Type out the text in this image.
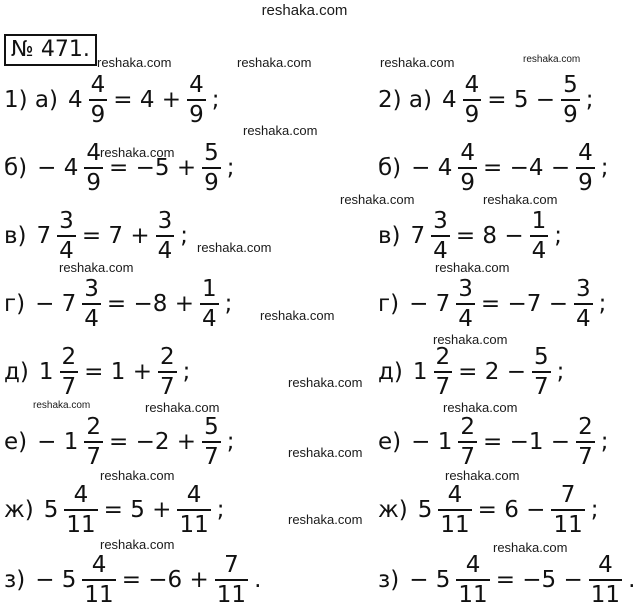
reshaka.com
№ 471.
reshaka.com	reshaka.com	reshaka.com	reshaka.com
reshaka.com
reshaka.com
reshaka.com	reshaka.com
reshaka.com
reshaka.com	reshaka.com
reshaka.com
reshaka.com
reshaka.com
reshaka.com	reshaka.com	reshaka.com
reshaka.com
reshaka.com	reshaka.com
reshaka.com
reshaka.com	reshaka.com
1) а) $4 \frac{4}{9} = 4 + \frac{4}{9}$ ;
$б) - 4 \frac{4}{9} = -5 + \frac{5}{9}$ ;
в) $7 \frac{3}{4} = 7 + \frac{3}{4}$ ;
$г) - 7 \frac{3}{4} = -8 + \frac{1}{4}$ ;
д) $1 \frac{2}{7} = 1 + \frac{2}{7}$ ;
$е) - 1 \frac{2}{7} = -2 + \frac{5}{7}$ ;
ж) $5 \frac{4}{11} = 5 + \frac{4}{11}$ ;
$з) - 5 \frac{4}{11} = -6 + \frac{7}{11}$ .
2) а) $4 \frac{4}{9} = 5 - \frac{5}{9}$ ;
$б) - 4 \frac{4}{9} = -4 - \frac{4}{9}$ ;
в) $7 \frac{3}{4} = 8 - \frac{1}{4}$ ;
$г) - 7 \frac{3}{4} = -7 - \frac{3}{4}$ ;
д) $1 \frac{2}{7} = 2 - \frac{5}{7}$ ;
$е) - 1 \frac{2}{7} = -1 - \frac{2}{7}$ ;
ж) $5 \frac{4}{11} = 6 - \frac{7}{11}$ ;
$з) - 5 \frac{4}{11} = -5 - \frac{4}{11}$ .
